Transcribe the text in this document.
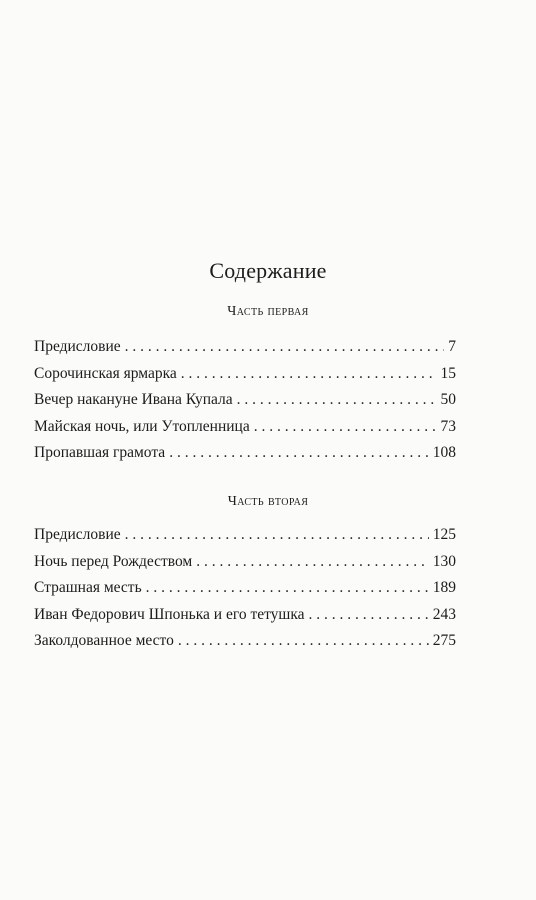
Содержание
Часть первая
Предисловие . . .	7
Сорочинская ярмарка . . .	15
Вечер накануне Ивана Купала . . .	50
Майская ночь, или Утопленница . . .	73
Пропавшая грамота . . .	108
Часть вторая
Предисловие . . .	125
Ночь перед Рождеством . . .	130
Страшная месть . . .	189
Иван Федорович Шпонька и его тетушка . . .	243
Заколдованное место . . .	275
